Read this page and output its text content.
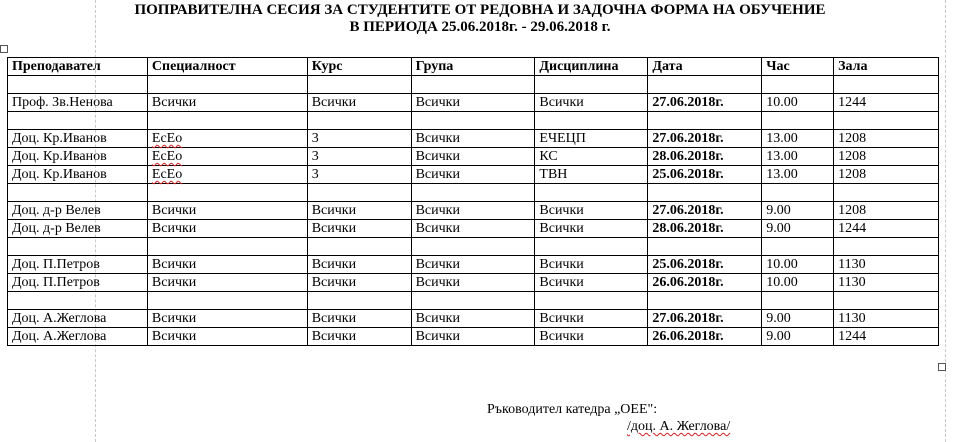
ПОПРАВИТЕЛНА СЕСИЯ ЗА СТУДЕНТИТЕ ОТ РЕДОВНА И ЗАДОЧНА ФОРМА НА ОБУЧЕНИЕ
В ПЕРИОДА 25.06.2018г. - 29.06.2018 г.
Преподавател	Специалност	Курс	Група	Дисциплина	Дата	Час	Зала

Проф. Зв.Ненова	Всички	Всички	Всички	Всички	27.06.2018г.	10.00	1244

Доц. Кр.Иванов	ЕсЕо	3	Всички	ЕЧЕЦП	27.06.2018г.	13.00	1208
Доц. Кр.Иванов	ЕсЕо	3	Всички	КС	28.06.2018г.	13.00	1208
Доц. Кр.Иванов	ЕсЕо	3	Всички	ТВН	25.06.2018г.	13.00	1208

Доц. д-р Велев	Всички	Всички	Всички	Всички	27.06.2018г.	9.00	1208
Доц. д-р Велев	Всички	Всички	Всички	Всички	28.06.2018г.	9.00	1244

Доц. П.Петров	Всички	Всички	Всички	Всички	25.06.2018г.	10.00	1130
Доц. П.Петров	Всички	Всички	Всички	Всички	26.06.2018г.	10.00	1130

Доц. А.Жеглова	Всички	Всички	Всички	Всички	27.06.2018г.	9.00	1130
Доц. А.Жеглова	Всички	Всички	Всички	Всички	26.06.2018г.	9.00	1244
Ръководител катедра „ОЕЕ":
/доц. А. Жеглова/
